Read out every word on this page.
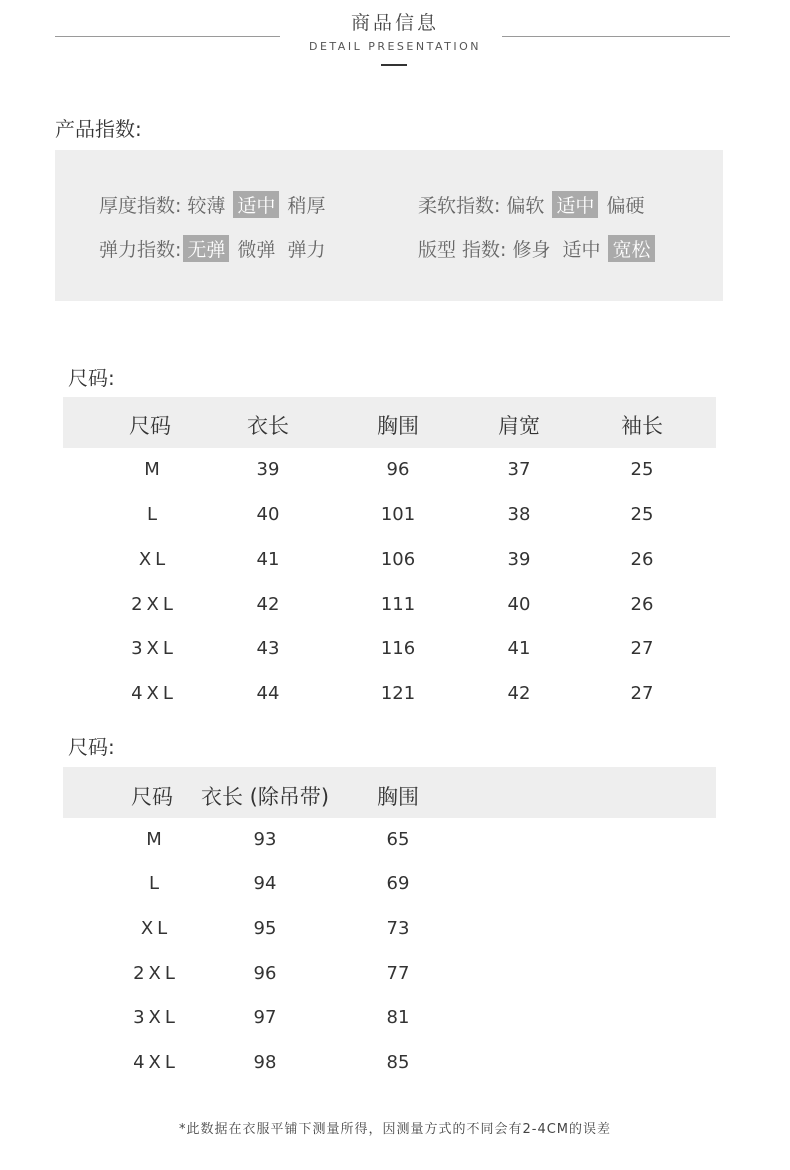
商品信息
DETAIL PRESENTATION
产品指数:
厚度指数: 较薄 适中 稍厚	柔软指数: 偏软 适中 偏硬
弹力指数: 无弹 微弹 弹力	版型 指数: 修身 适中 宽松
尺码:
尺码	衣长	胸围	肩宽	袖长
M	39	96	37	25
L	40	101	38	25
XL	41	106	39	26
2XL	42	111	40	26
3XL	43	116	41	27
4XL	44	121	42	27
尺码:
尺码	衣长 (除吊带)	胸围
M	93	65
L	94	69
XL	95	73
2XL	96	77
3XL	97	81
4XL	98	85
*此数据在衣服平铺下测量所得，因测量方式的不同会有2-4CM的误差
